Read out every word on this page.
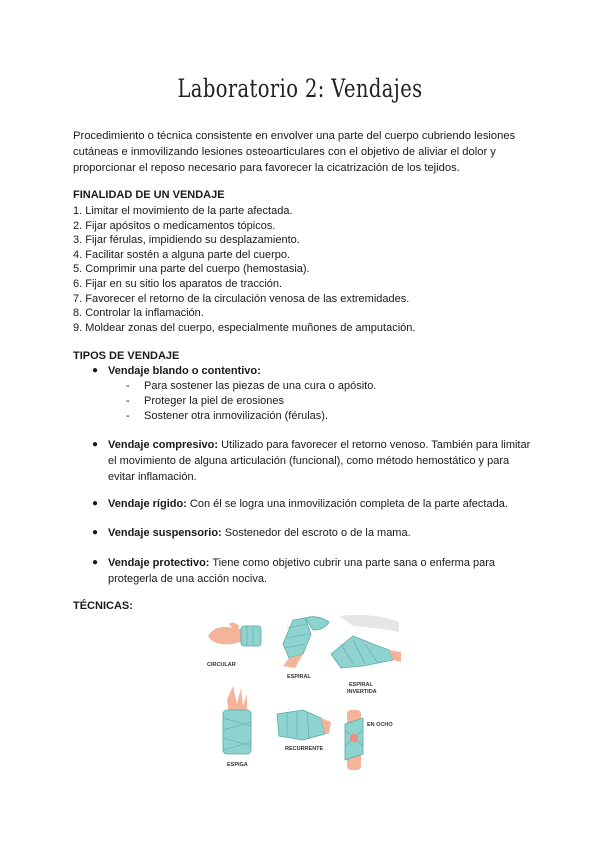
Laboratorio 2: Vendajes

Procedimiento o técnica consistente en envolver una parte del cuerpo cubriendo lesiones cutáneas e inmovilizando lesiones osteoarticulares con el objetivo de aliviar el dolor y proporcionar el reposo necesario para favorecer la cicatrización de los tejidos.

FINALIDAD DE UN VENDAJE
1. Limitar el movimiento de la parte afectada.
2. Fijar apósitos o medicamentos tópicos.
3. Fijar férulas, impidiendo su desplazamiento.
4. Facilitar sostén a alguna parte del cuerpo.
5. Comprimir una parte del cuerpo (hemostasia).
6. Fijar en su sitio los aparatos de tracción.
7. Favorecer el retorno de la circulación venosa de las extremidades.
8. Controlar la inflamación.
9. Moldear zonas del cuerpo, especialmente muñones de amputación.
TIPOS DE VENDAJE
● Vendaje blando o contentivo:
- Para sostener las piezas de una cura o apósito.
- Proteger la piel de erosiones
- Sostener otra inmovilización (férulas).
● Vendaje compresivo: Utilizado para favorecer el retorno venoso. También para limitar el movimiento de alguna articulación (funcional), como método hemostático y para evitar inflamación.
● Vendaje rígido: Con él se logra una inmovilización completa de la parte afectada.
● Vendaje suspensorio: Sostenedor del escroto o de la mama.
● Vendaje protectivo: Tiene como objetivo cubrir una parte sana o enferma para protegerla de una acción nociva.
TÉCNICAS:
CIRCULAR
ESPIRAL
ESPIRAL
INVERTIDA
ESPIGA
RECURRENTE
EN OCHO
